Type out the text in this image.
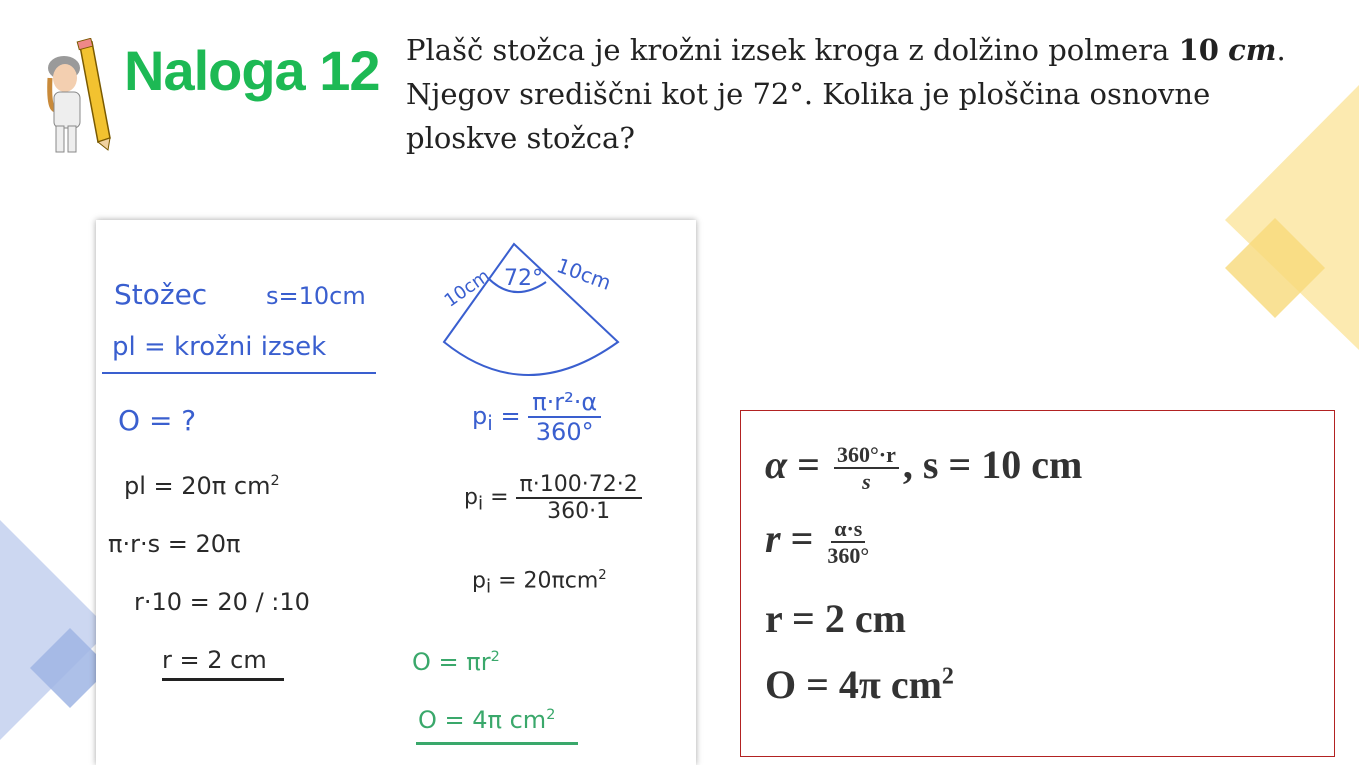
Naloga 12 Plašč stožca je krožni izsek kroga z dolžino polmera 10 cm.
Njegov središčni kot je 72°. Kolika je ploščina osnovne
ploskve stožca?
Stožec s=10cm
pl = krožni izsek
O = ?
pl = 20π $cm^2$
π·r·s = 20π
r·10 = 20 / :10
r = 2 cm
72°
10cm	10cm
$p_i = \frac{\text{π·r²·α}}{360^\circ}$
$p_i = \frac{\pi\cdot 100\cdot 72\cdot 2}{360\cdot 1}$
$p_i = 20\pi cm^2$
$O = \pi r^2$
O = 4π $cm^2$
$\alpha = \frac{360^\circ\cdot r}{s}$ , s = 10 cm
$r = \frac{\alpha\cdot s}{360^\circ}$
r = 2 cm
O = 4π $cm^2$
